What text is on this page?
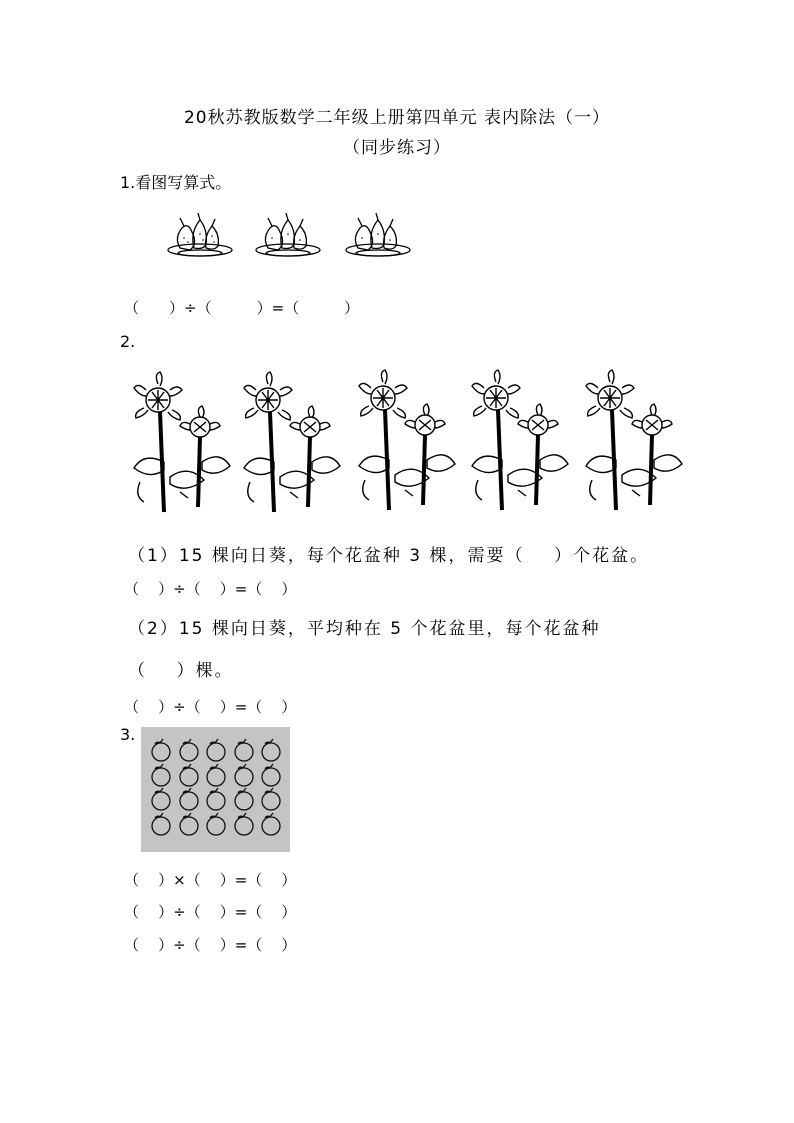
20秋苏教版数学二年级上册第四单元 表内除法（一）
（同步练习）
1.看图写算式。
（　　）÷（　　　）=（　　　）
2.
（1）15 棵向日葵，每个花盆种 3 棵，需要（    ）个花盆。
（    ）÷（    ）=（    ）
（2）15 棵向日葵，平均种在 5 个花盆里，每个花盆种
（    ）棵。
（    ）÷（    ）=（    ）
3.
（    ）×（    ）=（    ）
（    ）÷（    ）=（    ）
（    ）÷（    ）=（    ）
